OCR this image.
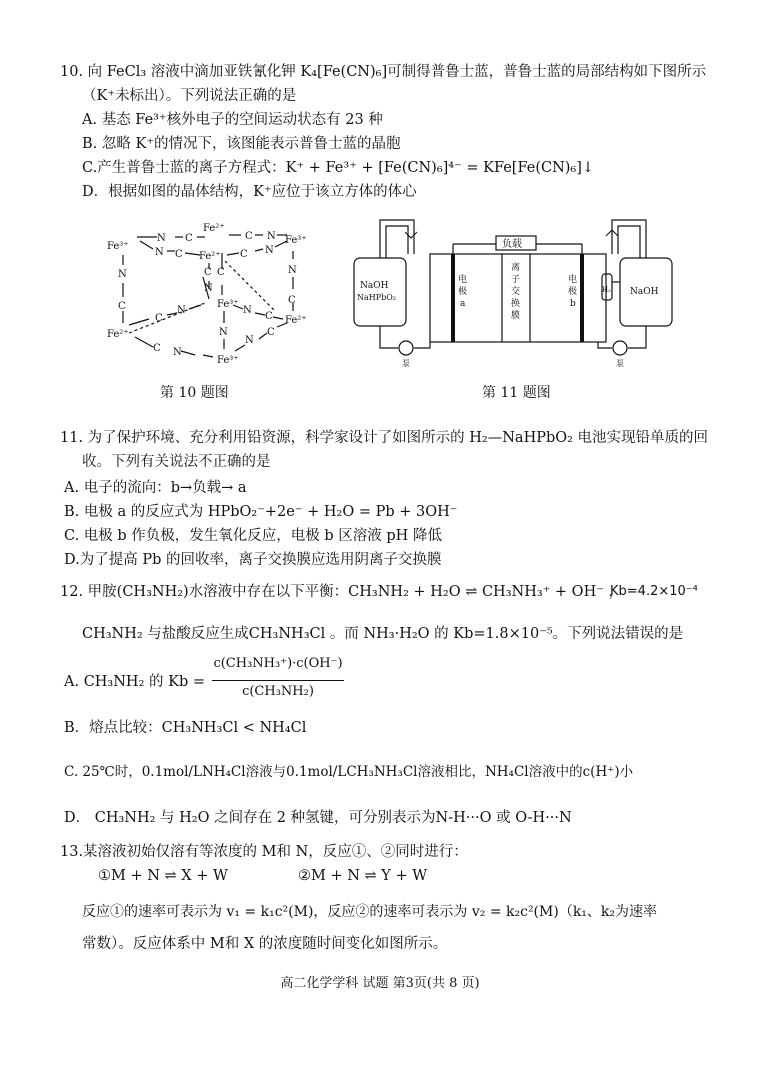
10. 向 FeCl₃ 溶液中滴加亚铁氰化钾 K₄[Fe(CN)₆]可制得普鲁士蓝，普鲁士蓝的局部结构如下图所示
（K⁺未标出）。下列说法正确的是
A. 基态 Fe³⁺核外电子的空间运动状态有 23 种
B. 忽略 K⁺的情况下，该图能表示普鲁士蓝的晶胞
C.产生普鲁士蓝的离子方程式：K⁺ + Fe³⁺ + [Fe(CN)₆]⁴⁻ = KFe[Fe(CN)₆]↓
D．根据如图的晶体结构，K⁺应位于该立方体的体心
Fe³⁺
N C
Fe²⁺
C N Fe³⁺
N C Fe²⁺ C N
C C
N	N
N
Fe³⁺
C
C
N
C
N
C Fe²⁺
Fe²⁺	N
C N
N
C
Fe³⁺
负载
NaOH
NaHPbO₂
电
极
a
离
子
交
换
膜
电
极
b
H₂ NaOH
泵	泵
第 10 题图	第 11 题图
11. 为了保护环境、充分利用铅资源，科学家设计了如图所示的 H₂—NaHPbO₂ 电池实现铅单质的回
收。下列有关说法不正确的是
A. 电子的流向：b→负载→ a
B. 电极 a 的反应式为 HPbO₂⁻+2e⁻ + H₂O = Pb + 3OH⁻
C. 电极 b 作负极，发生氧化反应，电极 b 区溶液 pH 降低
D.为了提高 Pb 的回收率，离子交换膜应选用阴离子交换膜
12. 甲胺(CH₃NH₂)水溶液中存在以下平衡：CH₃NH₂ + H₂O ⇌ CH₃NH₃⁺ + OH⁻ ，
Kb=4.2×10⁻⁴
CH₃NH₂ 与盐酸反应生成CH₃NH₃Cl 。而 NH₃·H₂O 的 Kb=1.8×10⁻⁵。下列说法错误的是
A. CH₃NH₂ 的 Kb =
c(CH₃NH₃⁺)·c(OH⁻)
c(CH₃NH₂)
B．熔点比较：CH₃NH₃Cl < NH₄Cl
C. 25℃时，0.1mol/LNH₄Cl溶液与0.1mol/LCH₃NH₃Cl溶液相比，NH₄Cl溶液中的c(H⁺)小
D． CH₃NH₂ 与 H₂O 之间存在 2 种氢键，可分别表示为N-H···O 或 O-H···N
13.某溶液初始仅溶有等浓度的 M和 N，反应①、②同时进行：
①M + N ⇌ X + W	②M + N ⇌ Y + W
反应①的速率可表示为 v₁ = k₁c²(M)，反应②的速率可表示为 v₂ = k₂c²(M)（k₁、k₂为速率
常数）。反应体系中 M和 X 的浓度随时间变化如图所示。
高二化学学科 试题 第3页(共 8 页)
